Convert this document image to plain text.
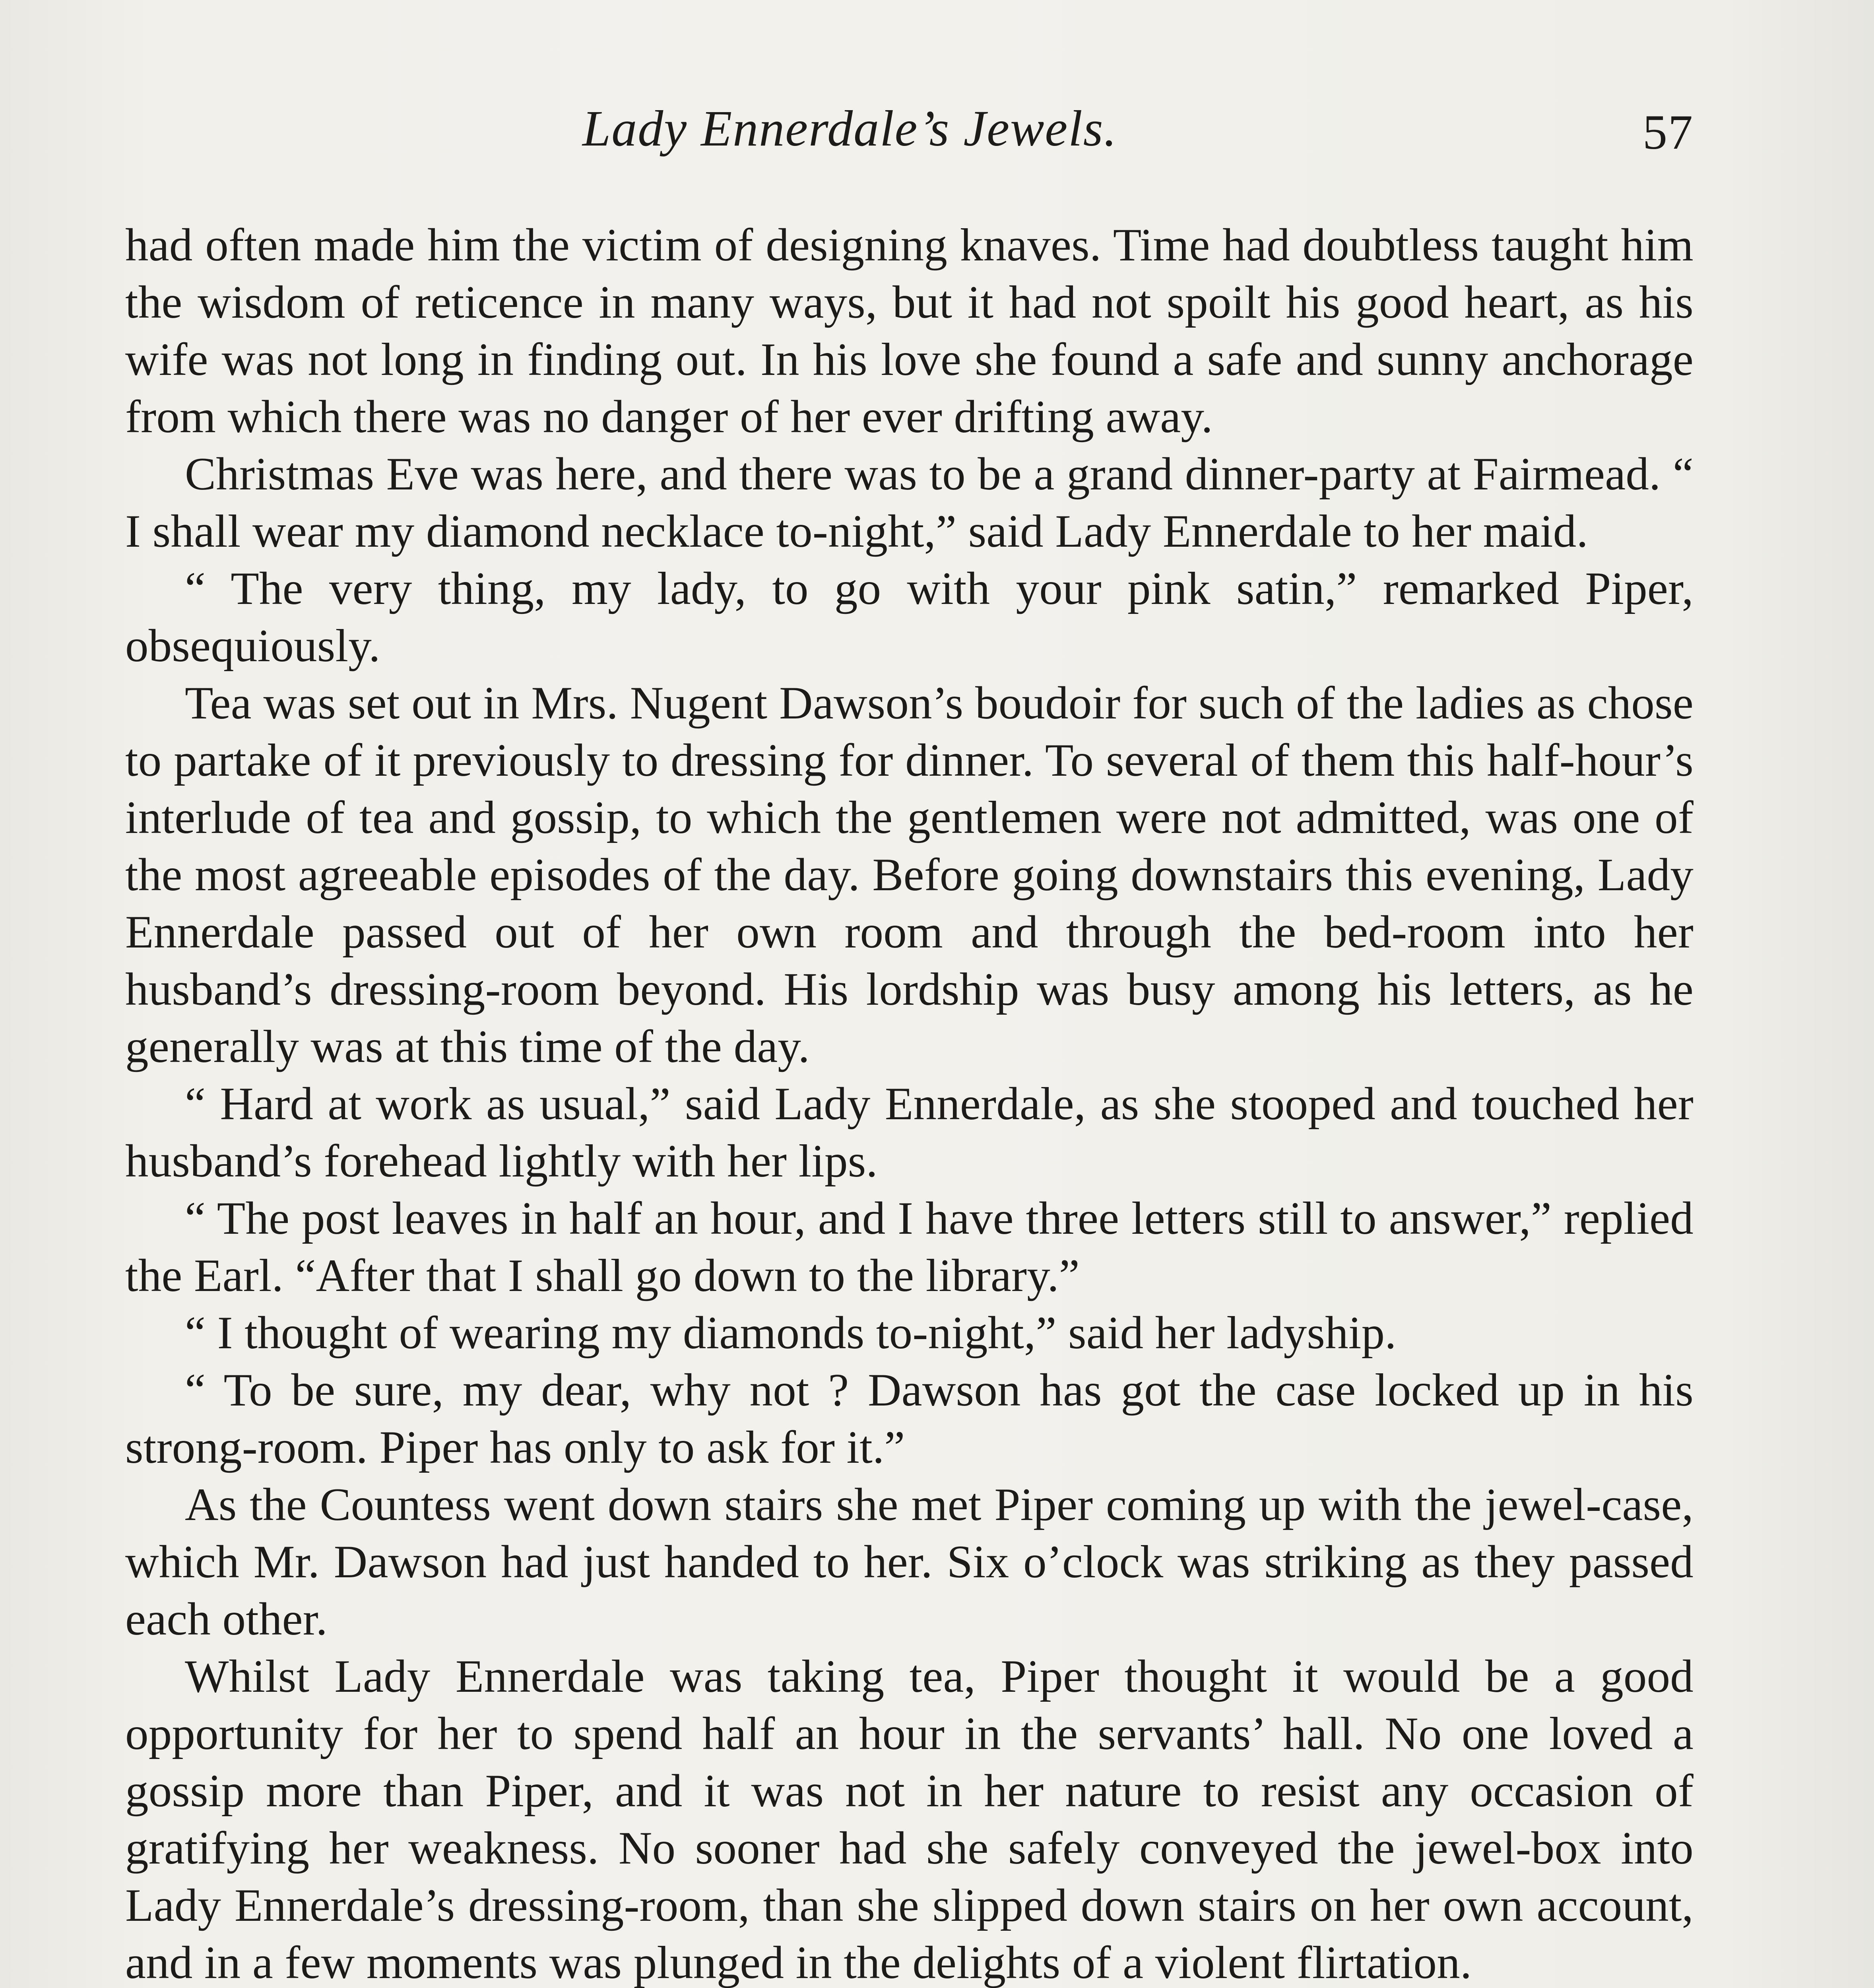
Lady Ennerdale’s Jewels.	57

had often made him the victim of designing knaves. Time had doubtless taught him the wisdom of reticence in many ways, but it had not spoilt his good heart, as his wife was not long in finding out. In his love she found a safe and sunny anchorage from which there was no danger of her ever drifting away.

Christmas Eve was here, and there was to be a grand dinner-party at Fairmead. “ I shall wear my diamond necklace to-night,” said Lady Ennerdale to her maid.

“ The very thing, my lady, to go with your pink satin,” remarked Piper, obsequiously.

Tea was set out in Mrs. Nugent Dawson’s boudoir for such of the ladies as chose to partake of it previously to dressing for dinner. To several of them this half-hour’s interlude of tea and gossip, to which the gentlemen were not admitted, was one of the most agreeable episodes of the day. Before going downstairs this evening, Lady Ennerdale passed out of her own room and through the bed-room into her husband’s dressing-room beyond. His lordship was busy among his letters, as he generally was at this time of the day.

“ Hard at work as usual,” said Lady Ennerdale, as she stooped and touched her husband’s forehead lightly with her lips.

“ The post leaves in half an hour, and I have three letters still to answer,” replied the Earl. “After that I shall go down to the library.”

“ I thought of wearing my diamonds to-night,” said her ladyship.

“ To be sure, my dear, why not ? Dawson has got the case locked up in his strong-room. Piper has only to ask for it.”

As the Countess went down stairs she met Piper coming up with the jewel-case, which Mr. Dawson had just handed to her. Six o’clock was striking as they passed each other.

Whilst Lady Ennerdale was taking tea, Piper thought it would be a good opportunity for her to spend half an hour in the servants’ hall. No one loved a gossip more than Piper, and it was not in her nature to resist any occasion of gratifying her weakness. No sooner had she safely conveyed the jewel-box into Lady Ennerdale’s dressing-room, than she slipped down stairs on her own account, and in a few moments was plunged in the delights of a violent flirtation.
